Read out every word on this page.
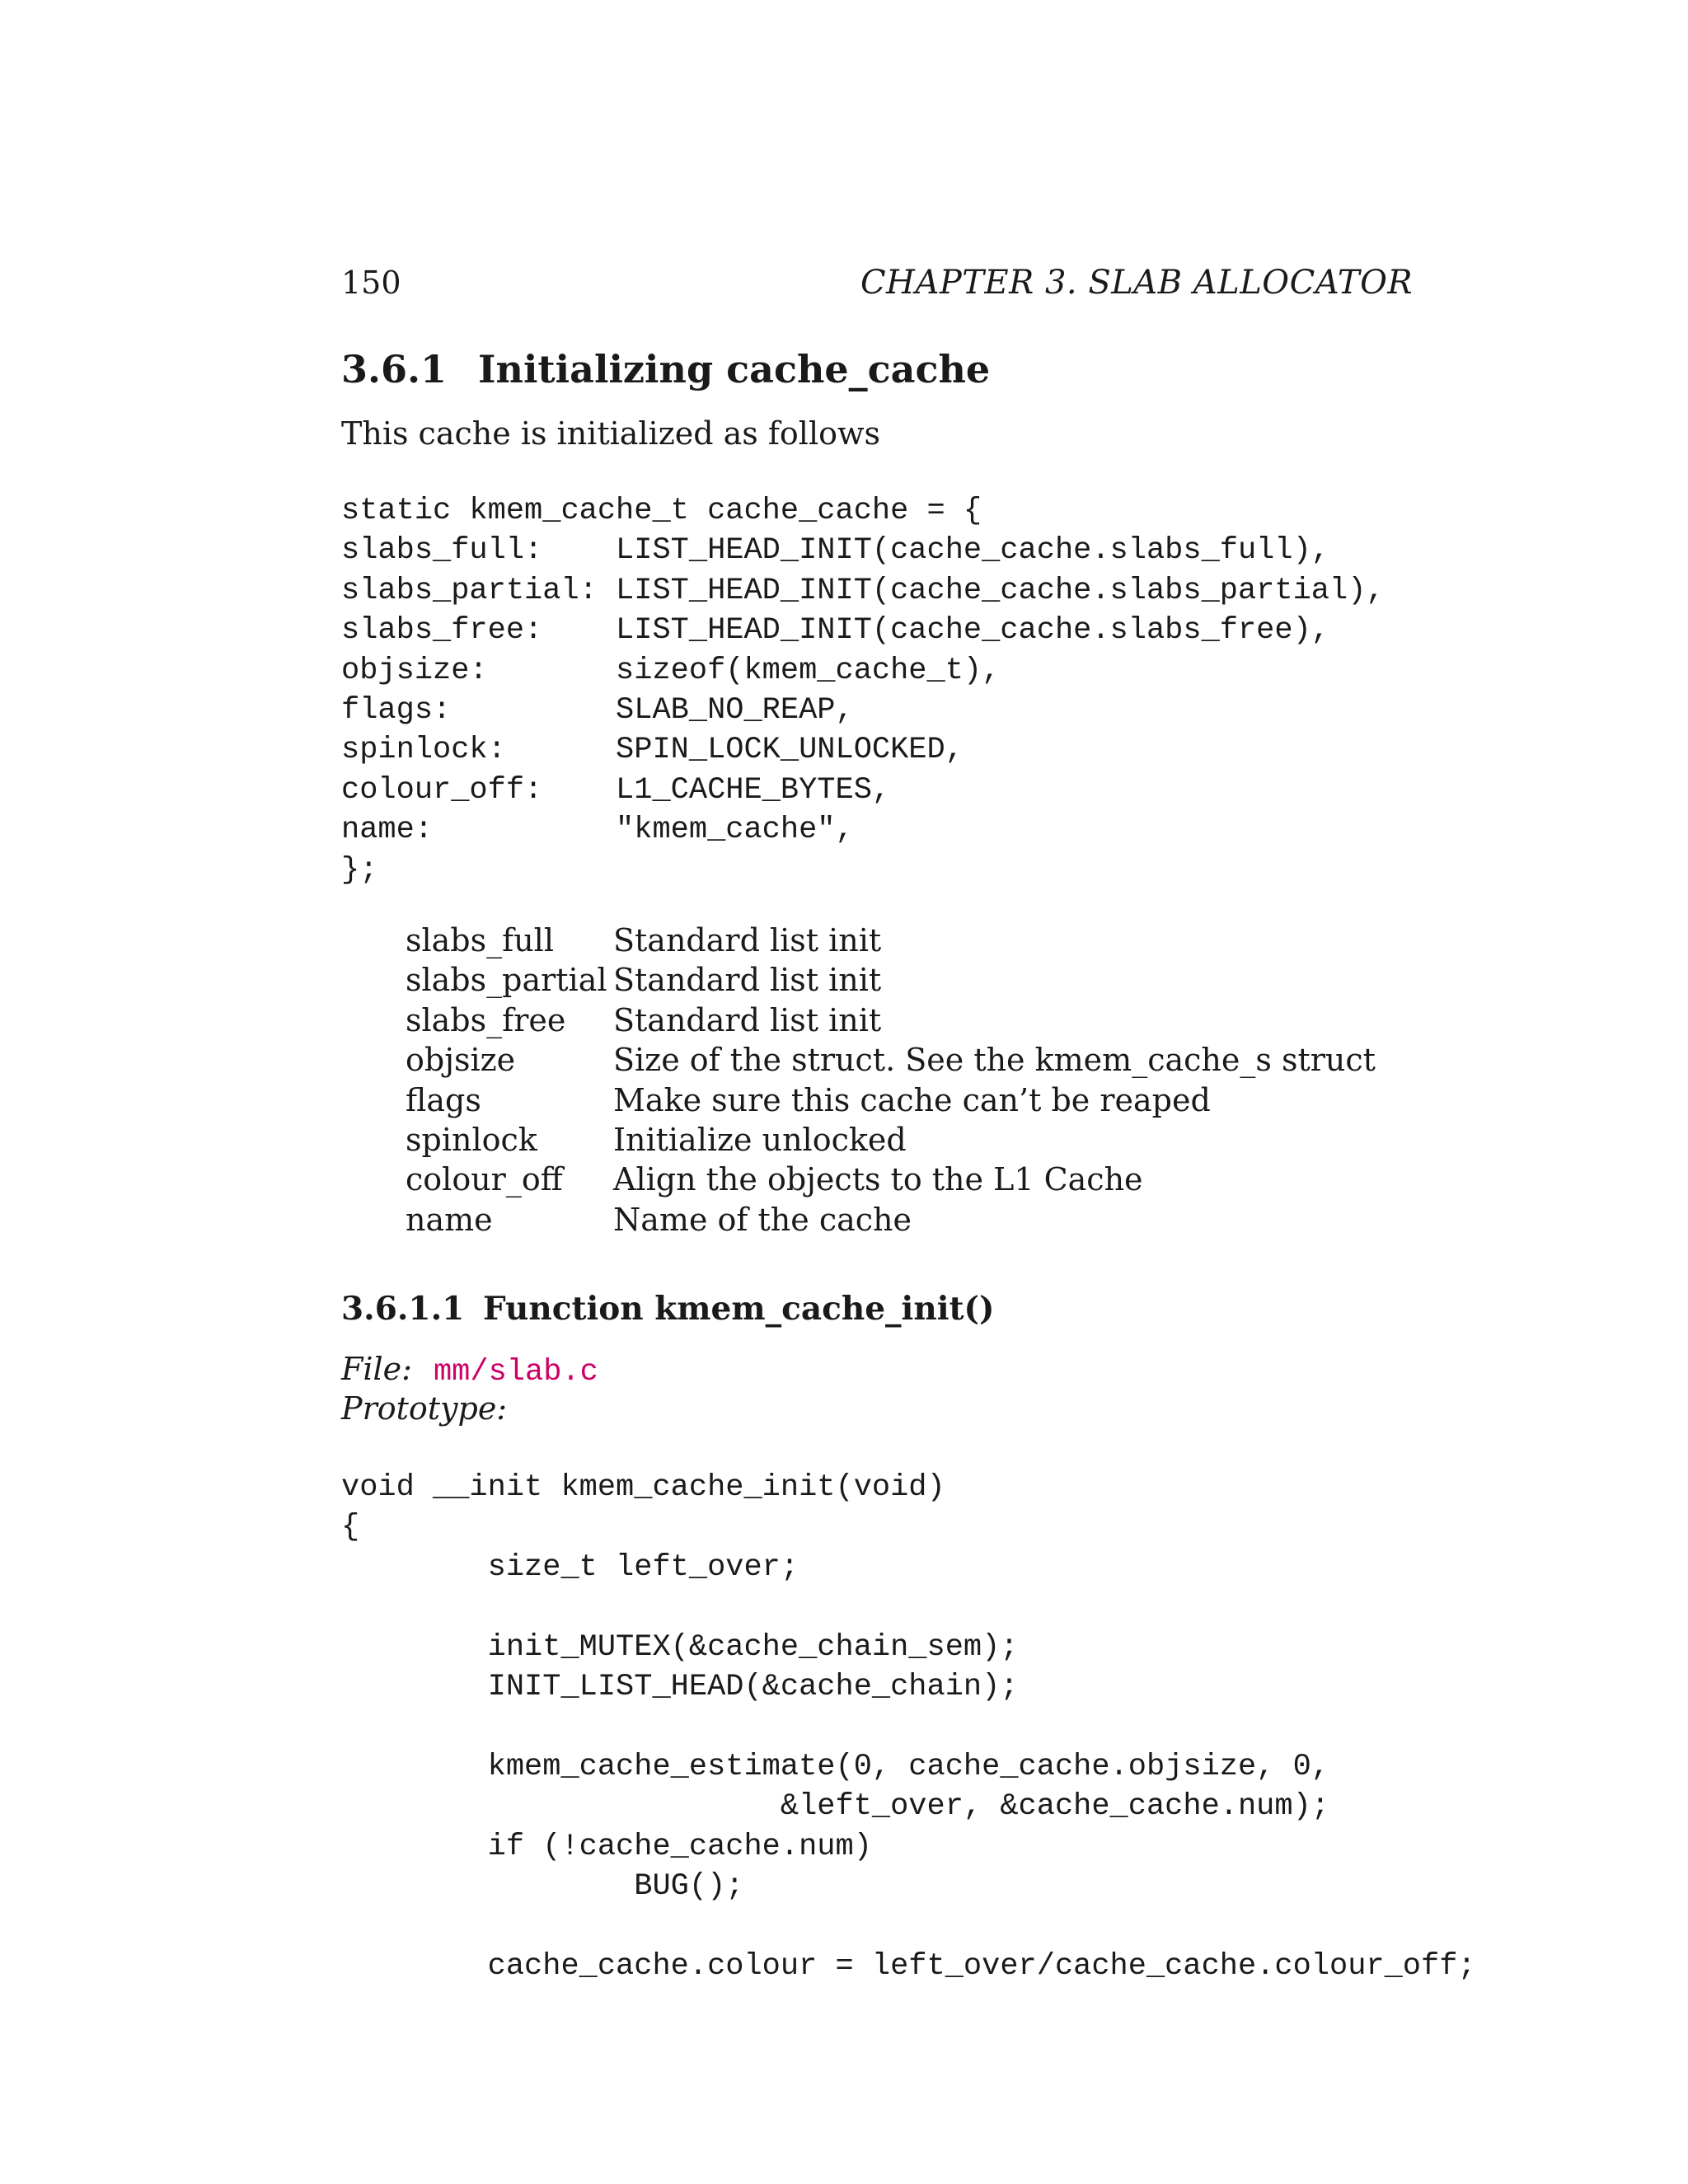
150	CHAPTER 3. SLAB ALLOCATOR
3.6.1 Initializing cache_cache
This cache is initialized as follows
static kmem_cache_t cache_cache = {
slabs_full:    LIST_HEAD_INIT(cache_cache.slabs_full),
slabs_partial: LIST_HEAD_INIT(cache_cache.slabs_partial),
slabs_free:    LIST_HEAD_INIT(cache_cache.slabs_free),
objsize:       sizeof(kmem_cache_t),
flags:         SLAB_NO_REAP,
spinlock:      SPIN_LOCK_UNLOCKED,
colour_off:    L1_CACHE_BYTES,
name:          "kmem_cache",
};
slabs_full	Standard list init
slabs_partial	Standard list init
slabs_free	Standard list init
objsize	Size of the struct. See the kmem_cache_s struct
flags	Make sure this cache can’t be reaped
spinlock	Initialize unlocked
colour_off	Align the objects to the L1 Cache
name	Name of the cache
3.6.1.1 Function kmem_cache_init()
File: mm/slab.c
Prototype:
void __init kmem_cache_init(void)
{
size_t left_over;

init_MUTEX(&cache_chain_sem);
INIT_LIST_HEAD(&cache_chain);

kmem_cache_estimate(0, cache_cache.objsize, 0,
&left_over, &cache_cache.num);
if (!cache_cache.num)
BUG();

cache_cache.colour = left_over/cache_cache.colour_off;
